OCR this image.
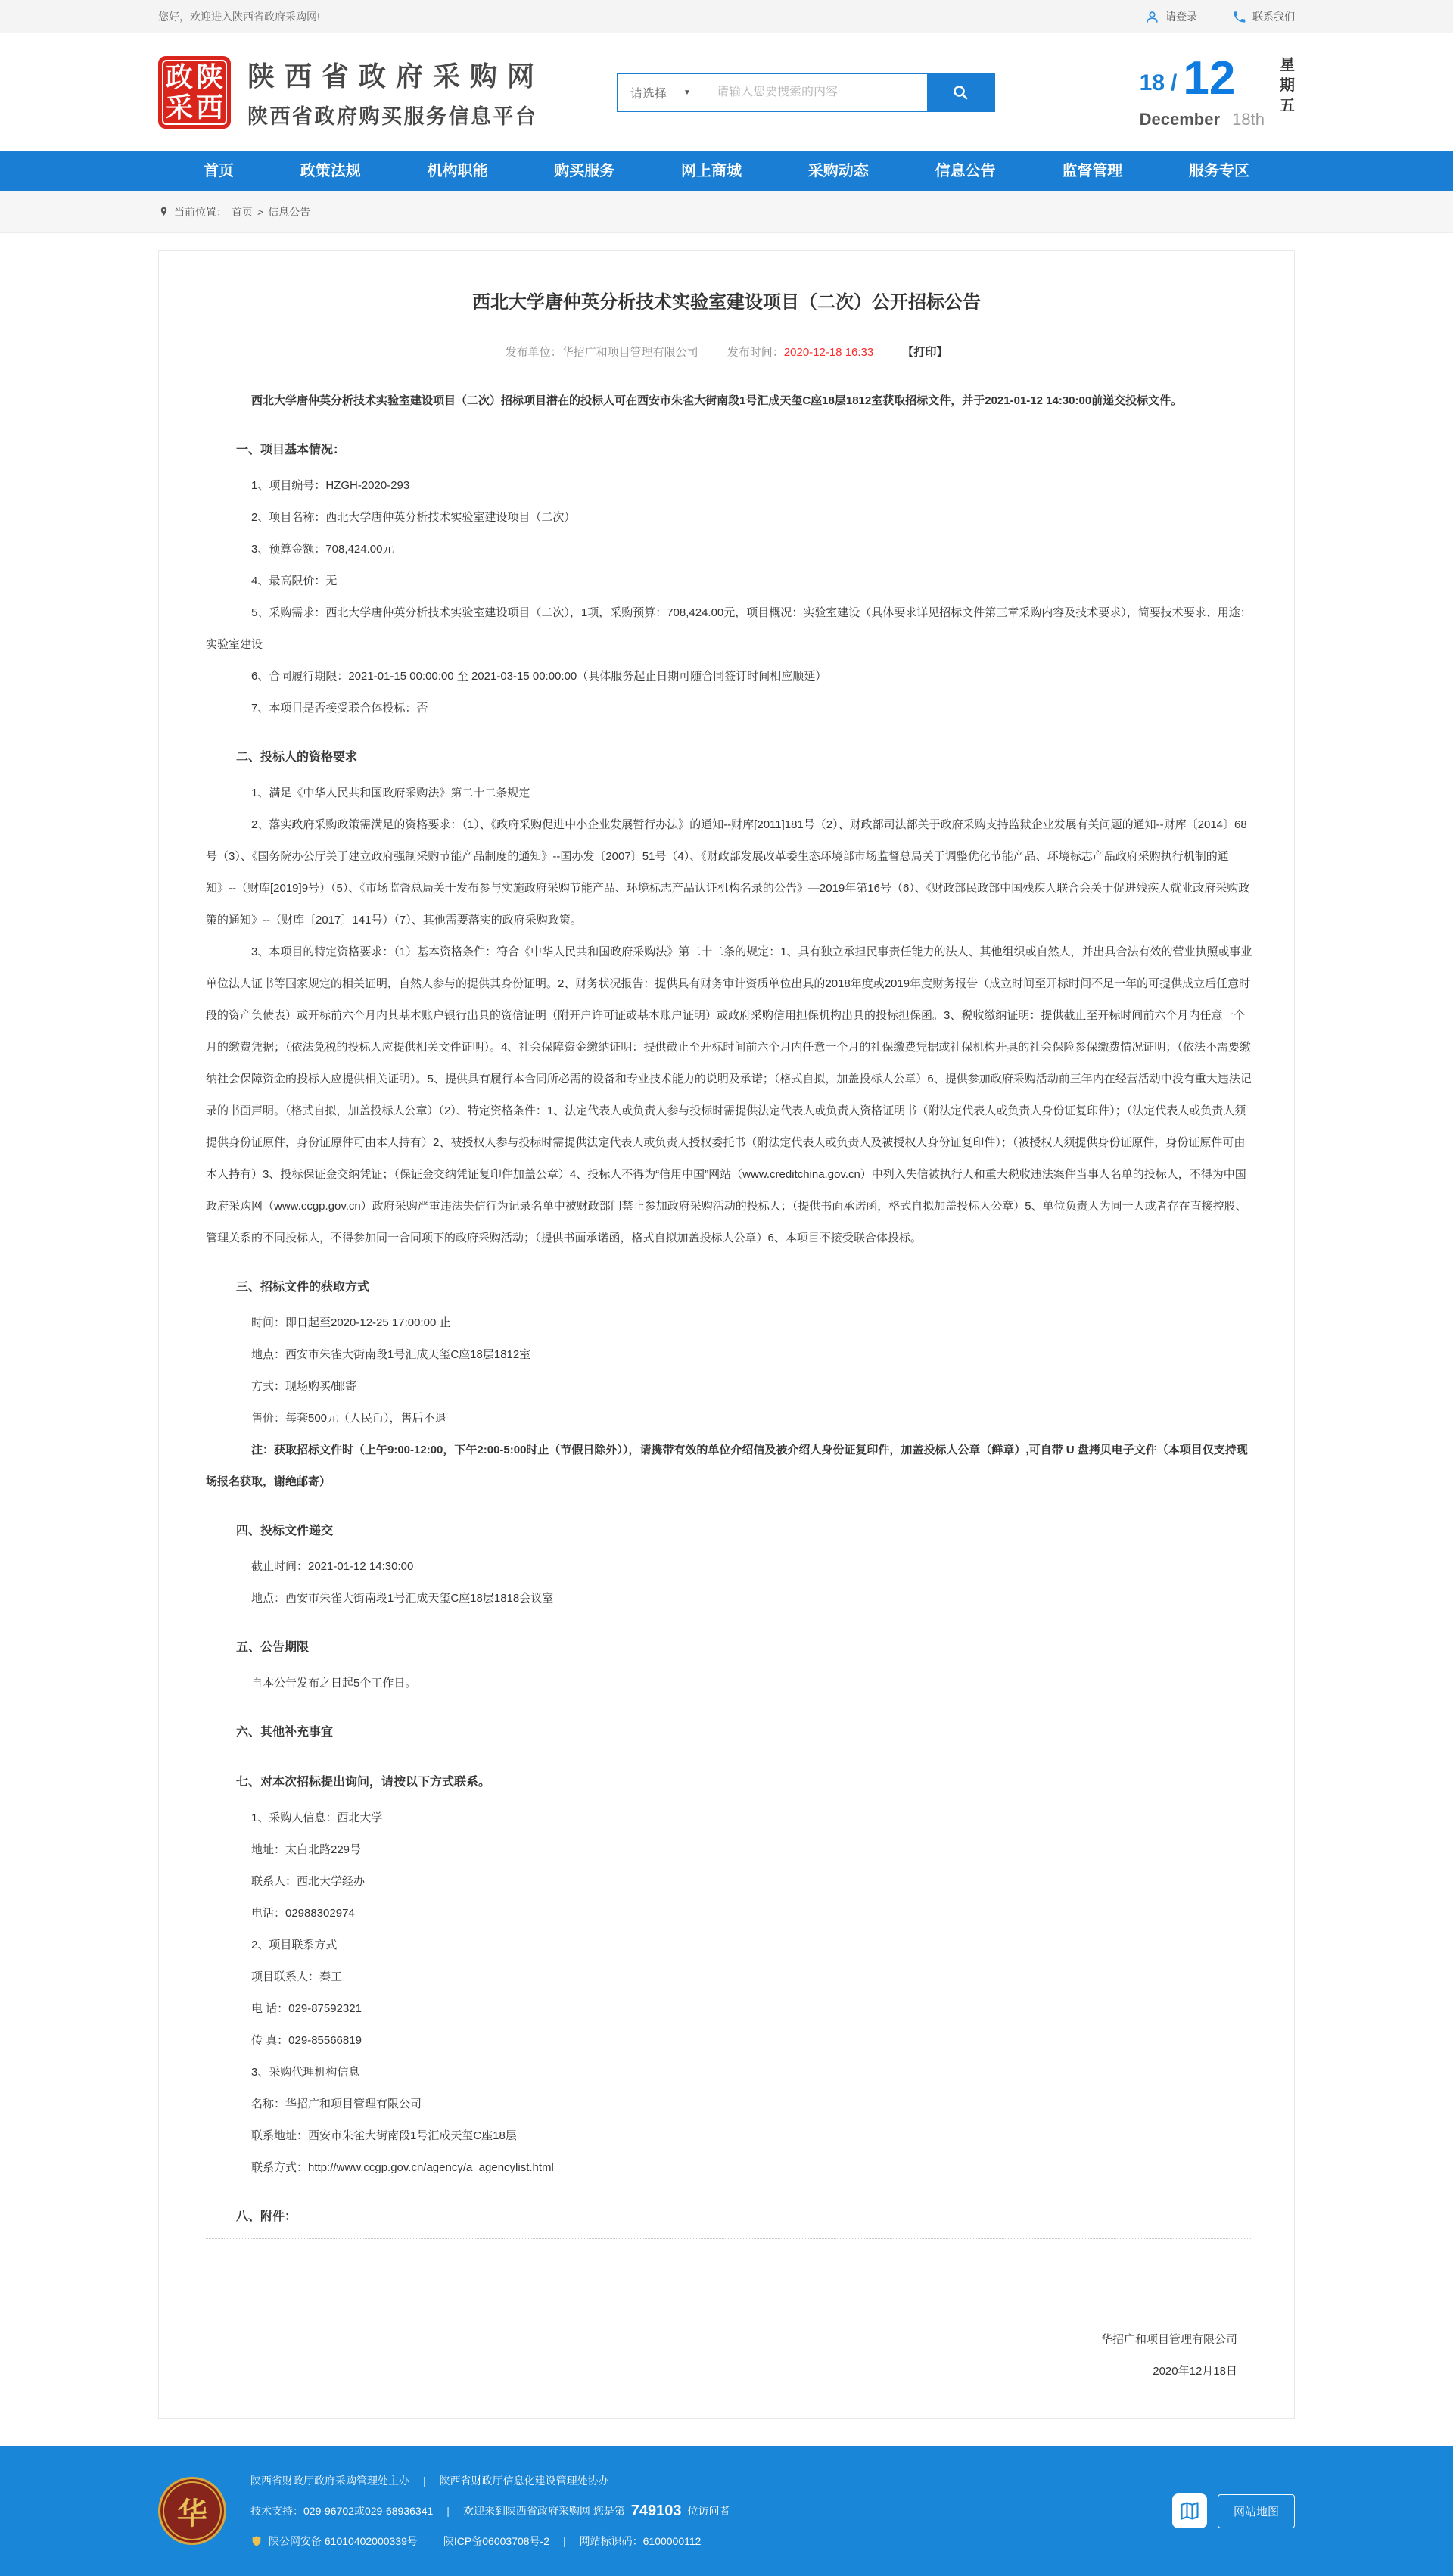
您好，欢迎进入陕西省政府采购网!	请登录	联系我们
政 陕
采 西
陕西省政府采购网
陕西省政府购买服务信息平台
请选择 ▼
请输入您要搜索的内容	18 / 12
December 18th
星
期
五
首页	政策法规	机构职能	购买服务	网上商城	采购动态	信息公告	监督管理	服务专区
当前位置： 首页 > 信息公告
西北大学唐仲英分析技术实验室建设项目（二次）公开招标公告
发布单位：华招广和项目管理有限公司	发布时间：2020-12-18 16:33	【打印】
西北大学唐仲英分析技术实验室建设项目（二次）招标项目潜在的投标人可在西安市朱雀大街南段1号汇成天玺C座18层1812室获取招标文件，并于2021-01-12 14:30:00前递交投标文件。
一、项目基本情况：
1、项目编号：HZGH-2020-293
2、项目名称：西北大学唐仲英分析技术实验室建设项目（二次）
3、预算金额：708,424.00元
4、最高限价：无
5、采购需求：西北大学唐仲英分析技术实验室建设项目（二次），1项，采购预算：708,424.00元，项目概况：实验室建设（具体要求详见招标文件第三章采购内容及技术要求），简要技术要求、用途：实验室建设
6、合同履行期限：2021-01-15 00:00:00 至 2021-03-15 00:00:00（具体服务起止日期可随合同签订时间相应顺延）
7、本项目是否接受联合体投标：否
二、投标人的资格要求
1、满足《中华人民共和国政府采购法》第二十二条规定
2、落实政府采购政策需满足的资格要求：（1）、《政府采购促进中小企业发展暂行办法》的通知--财库[2011]181号（2）、财政部司法部关于政府采购支持监狱企业发展有关问题的通知--财库〔2014〕68号（3）、《国务院办公厅关于建立政府强制采购节能产品制度的通知》--国办发〔2007〕51号（4）、《财政部发展改革委生态环境部市场监督总局关于调整优化节能产品、环境标志产品政府采购执行机制的通知》--（财库[2019]9号）（5）、《市场监督总局关于发布参与实施政府采购节能产品、环境标志产品认证机构名录的公告》—2019年第16号（6）、《财政部民政部中国残疾人联合会关于促进残疾人就业政府采购政策的通知》--（财库〔2017〕141号）（7）、其他需要落实的政府采购政策。
3、本项目的特定资格要求：（1）基本资格条件：符合《中华人民共和国政府采购法》第二十二条的规定：1、具有独立承担民事责任能力的法人、其他组织或自然人，并出具合法有效的营业执照或事业单位法人证书等国家规定的相关证明，自然人参与的提供其身份证明。2、财务状况报告：提供具有财务审计资质单位出具的2018年度或2019年度财务报告（成立时间至开标时间不足一年的可提供成立后任意时段的资产负债表）或开标前六个月内其基本账户银行出具的资信证明（附开户许可证或基本账户证明）或政府采购信用担保机构出具的投标担保函。3、税收缴纳证明：提供截止至开标时间前六个月内任意一个月的缴费凭据；（依法免税的投标人应提供相关文件证明）。4、社会保障资金缴纳证明：提供截止至开标时间前六个月内任意一个月的社保缴费凭据或社保机构开具的社会保险参保缴费情况证明；（依法不需要缴纳社会保障资金的投标人应提供相关证明）。5、提供具有履行本合同所必需的设备和专业技术能力的说明及承诺；（格式自拟，加盖投标人公章）6、提供参加政府采购活动前三年内在经营活动中没有重大违法记录的书面声明。（格式自拟，加盖投标人公章）（2）、特定资格条件：1、法定代表人或负责人参与投标时需提供法定代表人或负责人资格证明书（附法定代表人或负责人身份证复印件）；（法定代表人或负责人须提供身份证原件，身份证原件可由本人持有）2、被授权人参与投标时需提供法定代表人或负责人授权委托书（附法定代表人或负责人及被授权人身份证复印件）；（被授权人须提供身份证原件，身份证原件可由本人持有）3、投标保证金交纳凭证；（保证金交纳凭证复印件加盖公章）4、投标人不得为“信用中国”网站（www.creditchina.gov.cn）中列入失信被执行人和重大税收违法案件当事人名单的投标人，不得为中国政府采购网（www.ccgp.gov.cn）政府采购严重违法失信行为记录名单中被财政部门禁止参加政府采购活动的投标人；（提供书面承诺函，格式自拟加盖投标人公章）5、单位负责人为同一人或者存在直接控股、管理关系的不同投标人，不得参加同一合同项下的政府采购活动；（提供书面承诺函，格式自拟加盖投标人公章）6、本项目不接受联合体投标。
三、招标文件的获取方式
时间：即日起至2020-12-25 17:00:00 止
地点：西安市朱雀大街南段1号汇成天玺C座18层1812室
方式：现场购买/邮寄
售价：每套500元（人民币），售后不退
注：获取招标文件时（上午9:00-12:00，下午2:00-5:00时止（节假日除外）），请携带有效的单位介绍信及被介绍人身份证复印件，加盖投标人公章（鲜章）,可自带 U 盘拷贝电子文件（本项目仅支持现场报名获取，谢绝邮寄）
四、投标文件递交
截止时间：2021-01-12 14:30:00
地点：西安市朱雀大街南段1号汇成天玺C座18层1818会议室
五、公告期限
自本公告发布之日起5个工作日。
六、其他补充事宜
七、对本次招标提出询问，请按以下方式联系。
1、采购人信息：西北大学
地址：太白北路229号
联系人：西北大学经办
电话：02988302974
2、项目联系方式
项目联系人：秦工
电 话：029-87592321
传 真：029-85566819
3、采购代理机构信息
名称：华招广和项目管理有限公司
联系地址：西安市朱雀大街南段1号汇成天玺C座18层
联系方式：http://www.ccgp.gov.cn/agency/a_agencylist.html
八、附件：
华招广和项目管理有限公司
2020年12月18日
华
陕西省财政厅政府采购管理处主办 | 陕西省财政厅信息化建设管理处协办
技术支持：029-96702或029-68936341 | 欢迎来到陕西省政府采购网 您是第 749103 位访问者
陕公网安备 61010402000339号 陕ICP备06003708号-2 | 网站标识码：6100000112
网站地图
